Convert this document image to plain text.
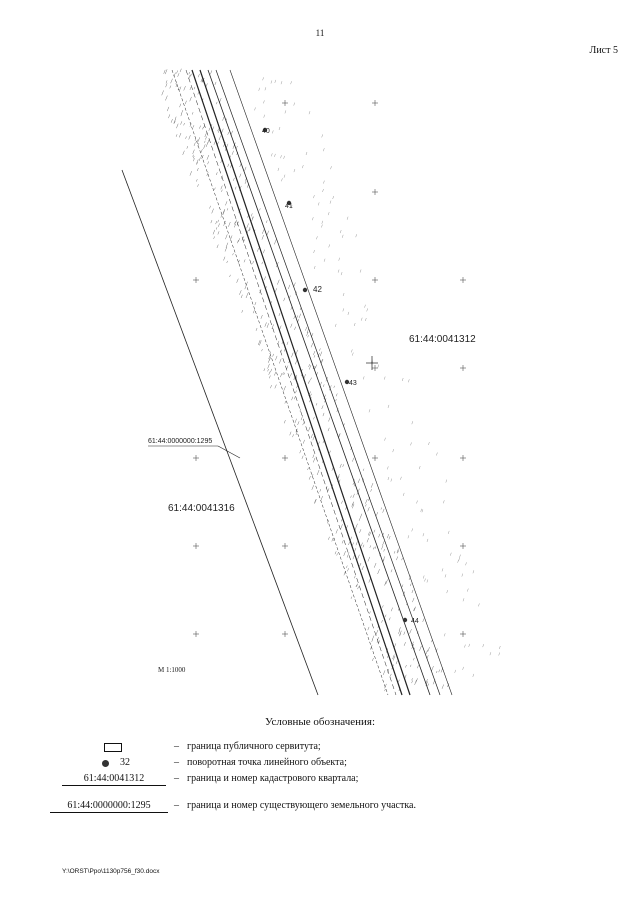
11
Лист 5
40
41
42
43
44
61:44:0041312
61:44:0041316
61:44:0000000:1295
М 1:1000
Условные обозначения:
– граница публичного сервитута;
32	– поворотная точка линейного объекта;
61:44:0041312	– граница и номер кадастрового квартала;
61:44:0000000:1295	– граница и номер существующего земельного участка.
Y:\ORST\Ppo\1130p756_f30.docx
